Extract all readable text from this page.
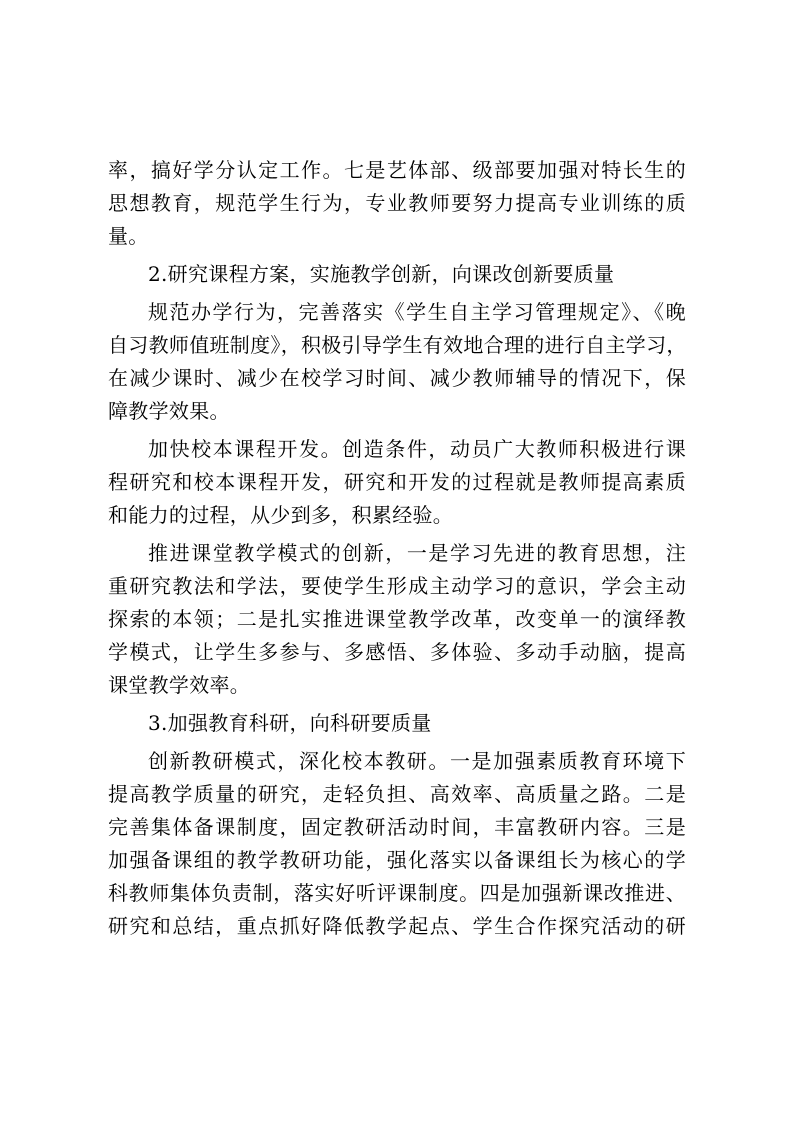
率，搞好学分认定工作。七是艺体部、级部要加强对特长生的
思想教育，规范学生行为，专业教师要努力提高专业训练的质
量。
2.研究课程方案，实施教学创新，向课改创新要质量
规范办学行为，完善落实《学生自主学习管理规定》、《晚
自习教师值班制度》，积极引导学生有效地合理的进行自主学习，
在减少课时、减少在校学习时间、减少教师辅导的情况下，保
障教学效果。
加快校本课程开发。创造条件，动员广大教师积极进行课
程研究和校本课程开发，研究和开发的过程就是教师提高素质
和能力的过程，从少到多，积累经验。
推进课堂教学模式的创新，一是学习先进的教育思想，注
重研究教法和学法，要使学生形成主动学习的意识，学会主动
探索的本领；二是扎实推进课堂教学改革，改变单一的演绎教
学模式，让学生多参与、多感悟、多体验、多动手动脑，提高
课堂教学效率。
3.加强教育科研，向科研要质量
创新教研模式，深化校本教研。一是加强素质教育环境下
提高教学质量的研究，走轻负担、高效率、高质量之路。二是
完善集体备课制度，固定教研活动时间，丰富教研内容。三是
加强备课组的教学教研功能，强化落实以备课组长为核心的学
科教师集体负责制，落实好听评课制度。四是加强新课改推进、
研究和总结，重点抓好降低教学起点、学生合作探究活动的研
